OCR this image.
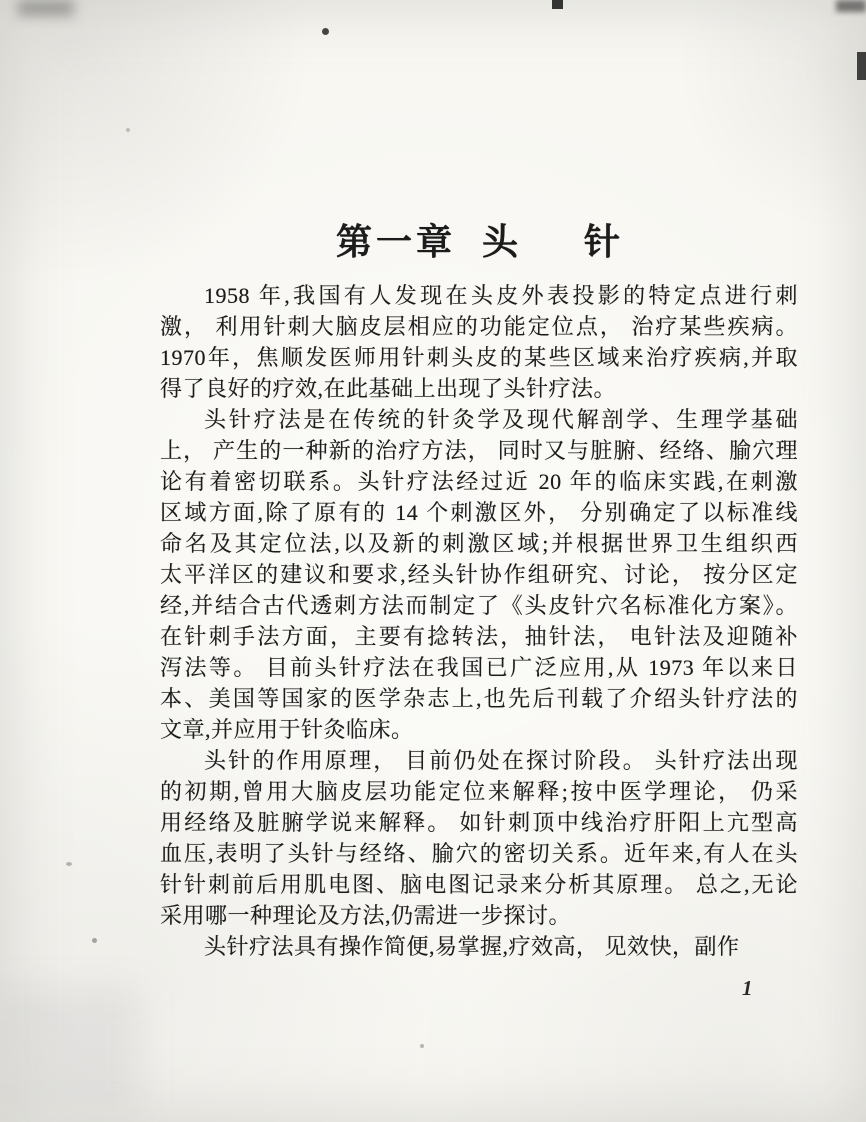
第一章 头 针
1958 年,我国有人发现在头皮外表投影的特定点进行刺
激， 利用针刺大脑皮层相应的功能定位点， 治疗某些疾病。
1970年，焦顺发医师用针刺头皮的某些区域来治疗疾病,并取
得了良好的疗效,在此基础上出现了头针疗法。
头针疗法是在传统的针灸学及现代解剖学、生理学基础
上， 产生的一种新的治疗方法， 同时又与脏腑、经络、腧穴理
论有着密切联系。头针疗法经过近 20 年的临床实践,在刺激
区域方面,除了原有的 14 个刺激区外， 分别确定了以标准线
命名及其定位法,以及新的刺激区域;并根据世界卫生组织西
太平洋区的建议和要求,经头针协作组研究、讨论， 按分区定
经,并结合古代透刺方法而制定了《头皮针穴名标准化方案》。
在针刺手法方面，主要有捻转法，抽针法， 电针法及迎随补
泻法等。 目前头针疗法在我国已广泛应用,从 1973 年以来日
本、美国等国家的医学杂志上,也先后刊载了介绍头针疗法的
文章,并应用于针灸临床。
头针的作用原理， 目前仍处在探讨阶段。 头针疗法出现
的初期,曾用大脑皮层功能定位来解释;按中医学理论， 仍采
用经络及脏腑学说来解释。 如针刺顶中线治疗肝阳上亢型高
血压,表明了头针与经络、腧穴的密切关系。近年来,有人在头
针针刺前后用肌电图、脑电图记录来分析其原理。 总之,无论
采用哪一种理论及方法,仍需进一步探讨。
头针疗法具有操作简便,易掌握,疗效高， 见效快，副作
1
